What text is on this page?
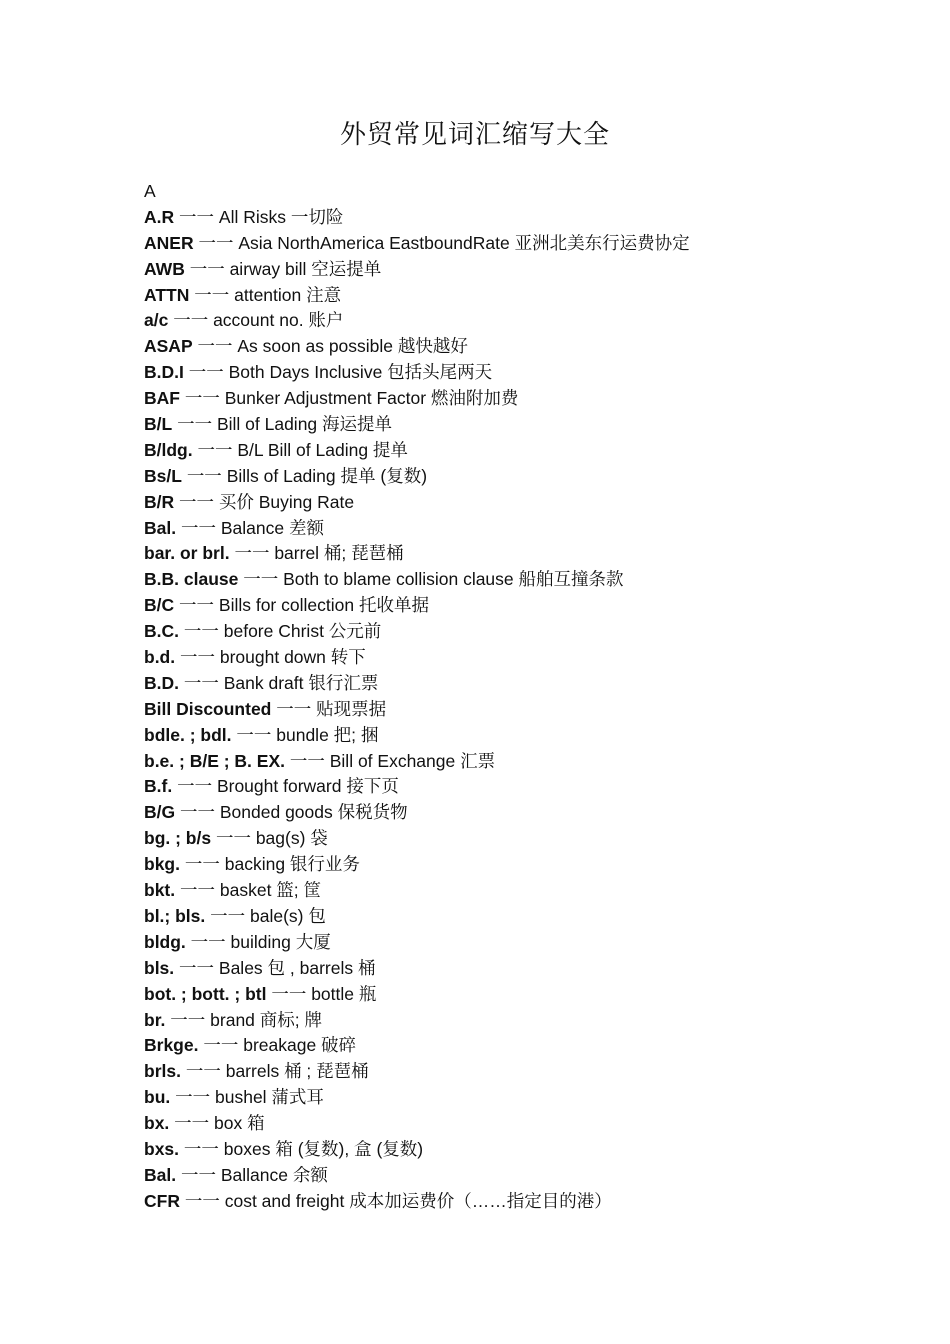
外贸常见词汇缩写大全
A
A.R 一一 All Risks 一切险
ANER 一一 Asia NorthAmerica EastboundRate 亚洲北美东行运费协定
AWB 一一 airway bill 空运提单
ATTN 一一 attention 注意
a/c 一一 account no. 账户
ASAP 一一 As soon as possible 越快越好
B.D.I 一一 Both Days Inclusive 包括头尾两天
BAF 一一 Bunker Adjustment Factor 燃油附加费
B/L 一一 Bill of Lading 海运提单
B/ldg. 一一 B/L Bill of Lading 提单
Bs/L 一一 Bills of Lading 提单 (复数)
B/R 一一 买价 Buying Rate
Bal. 一一 Balance 差额
bar. or brl. 一一 barrel 桶; 琵琶桶
B.B. clause 一一 Both to blame collision clause 船舶互撞条款
B/C 一一 Bills for collection 托收单据
B.C. 一一 before Christ 公元前
b.d. 一一 brought down 转下
B.D. 一一 Bank draft 银行汇票
Bill Discounted 一一 贴现票据
bdle. ; bdl. 一一 bundle 把; 捆
b.e. ; B/E ; B. EX. 一一 Bill of Exchange 汇票
B.f. 一一 Brought forward 接下页
B/G 一一 Bonded goods 保税货物
bg. ; b/s 一一 bag(s) 袋
bkg. 一一 backing 银行业务
bkt. 一一 basket 篮; 筐
bl.; bls. 一一 bale(s) 包
bldg. 一一 building 大厦
bls. 一一 Bales 包 , barrels 桶
bot. ; bott. ; btl 一一 bottle 瓶
br. 一一 brand 商标; 牌
Brkge. 一一 breakage 破碎
brls. 一一 barrels 桶 ; 琵琶桶
bu. 一一 bushel 蒲式耳
bx. 一一 box 箱
bxs. 一一 boxes 箱 (复数), 盒 (复数)
Bal. 一一 Ballance 余额
CFR 一一 cost and freight 成本加运费价（……指定目的港）
